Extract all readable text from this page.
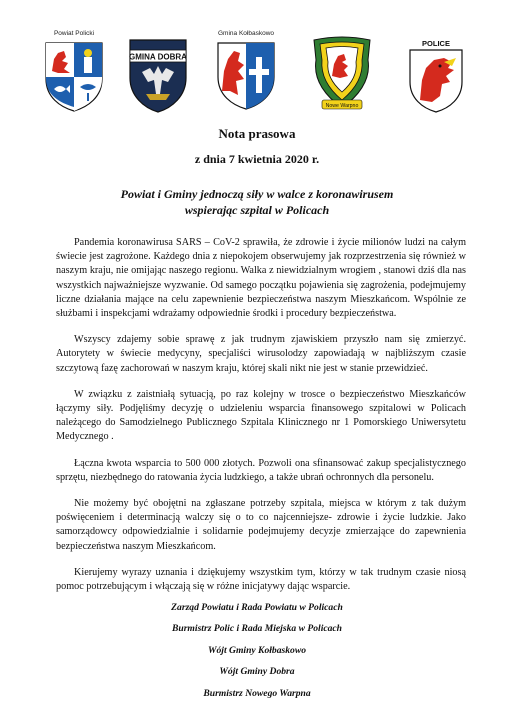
Powiat Policki
GMINA DOBRA
Gmina Kołbaskowo
Nowe Warpno
POLICE
Nota prasowa
z dnia 7 kwietnia 2020 r.
Powiat i Gminy jednoczą siły w walce z koronawirusem
wspierając szpital w Policach

Pandemia koronawirusa SARS – CoV-2 sprawiła, że zdrowie i życie milionów ludzi na całym świecie jest zagrożone. Każdego dnia z niepokojem obserwujemy jak rozprzestrzenia się również w naszym kraju, nie omijając naszego regionu. Walka z niewidzialnym wrogiem , stanowi dziś dla nas wszystkich najważniejsze wyzwanie. Od samego początku pojawienia się zagrożenia, podejmujemy liczne działania mające na celu zapewnienie bezpieczeństwa naszym Mieszkańcom. Wspólnie ze służbami i inspekcjami wdrażamy odpowiednie środki i procedury bezpieczeństwa.

Wszyscy zdajemy sobie sprawę z jak trudnym zjawiskiem przyszło nam się zmierzyć. Autorytety w świecie medycyny, specjaliści wirusolodzy zapowiadają w najbliższym czasie szczytową fazę zachorowań w naszym kraju, której skali nikt nie jest w stanie przewidzieć.

W związku z zaistniałą sytuacją, po raz kolejny w trosce o bezpieczeństwo Mieszkańców łączymy siły. Podjęliśmy decyzję o udzieleniu wsparcia finansowego szpitalowi w Policach należącego do Samodzielnego Publicznego Szpitala Klinicznego nr 1 Pomorskiego Uniwersytetu Medycznego .

Łączna kwota wsparcia to 500 000 złotych. Pozwoli ona sfinansować zakup specjalistycznego sprzętu, niezbędnego do ratowania życia ludzkiego, a także ubrań ochronnych dla personelu.

Nie możemy być obojętni na zgłaszane potrzeby szpitala, miejsca w którym z tak dużym poświęceniem i determinacją walczy się o to co najcenniejsze- zdrowie i życie ludzkie. Jako samorządowcy odpowiedzialnie i solidarnie podejmujemy decyzje zmierzające do zapewnienia bezpieczeństwa naszym Mieszkańcom.

Kierujemy wyrazy uznania i dziękujemy wszystkim tym, którzy w tak trudnym czasie niosą pomoc potrzebującym i włączają się w różne inicjatywy dając wsparcie.

Zarząd Powiatu i Rada Powiatu w Policach
Burmistrz Polic i Rada Miejska w Policach
Wójt Gminy Kołbaskowo
Wójt Gminy Dobra
Burmistrz Nowego Warpna
